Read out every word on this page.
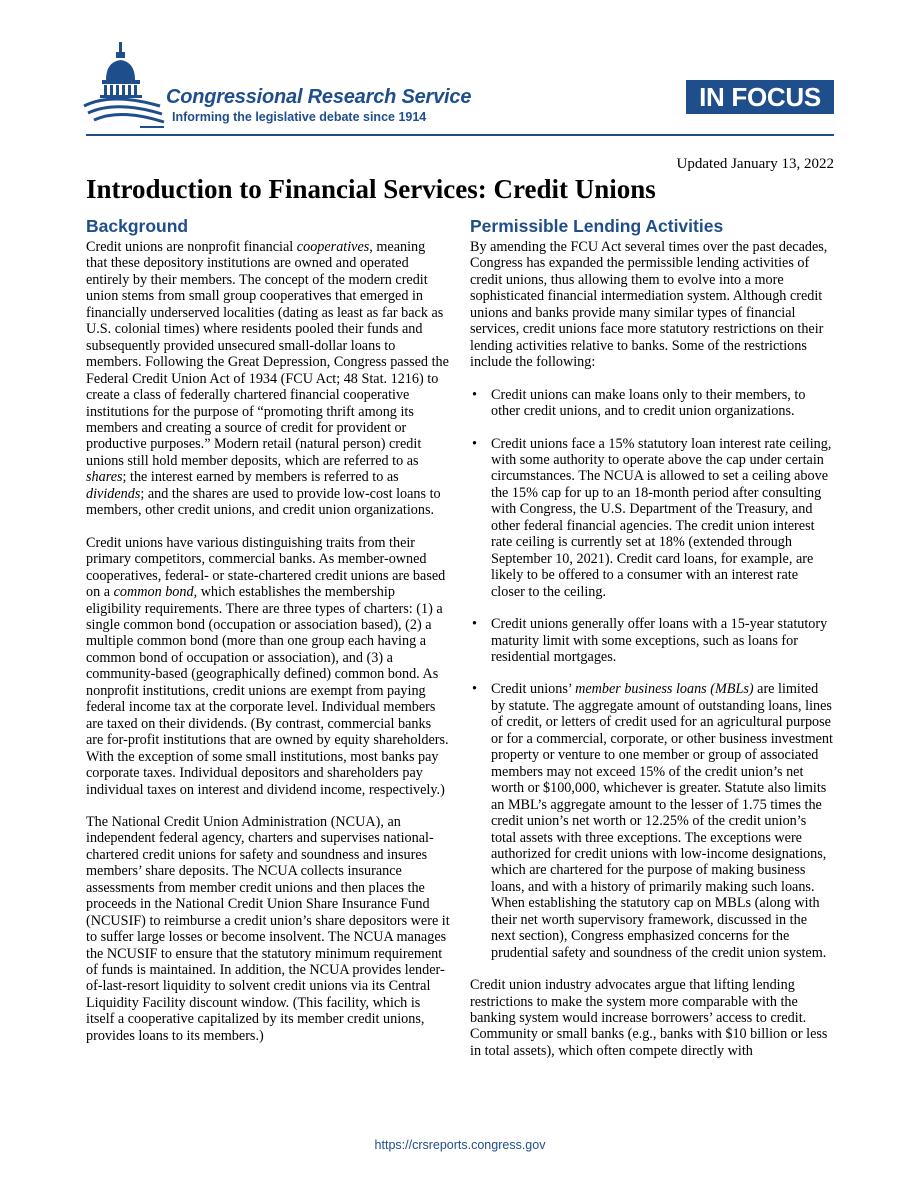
Congressional Research Service
Informing the legislative debate since 1914
IN FOCUS
Updated January 13, 2022
Introduction to Financial Services: Credit Unions
Background

Credit unions are nonprofit financial cooperatives, meaning that these depository institutions are owned and operated entirely by their members. The concept of the modern credit union stems from small group cooperatives that emerged in financially underserved localities (dating as least as far back as U.S. colonial times) where residents pooled their funds and subsequently provided unsecured small-dollar loans to members. Following the Great Depression, Congress passed the Federal Credit Union Act of 1934 (FCU Act; 48 Stat. 1216) to create a class of federally chartered financial cooperative institutions for the purpose of “promoting thrift among its members and creating a source of credit for provident or productive purposes.” Modern retail (natural person) credit unions still hold member deposits, which are referred to as shares; the interest earned by members is referred to as dividends; and the shares are used to provide low-cost loans to members, other credit unions, and credit union organizations.

Credit unions have various distinguishing traits from their primary competitors, commercial banks. As member-owned cooperatives, federal- or state-chartered credit unions are based on a common bond, which establishes the membership eligibility requirements. There are three types of charters: (1) a single common bond (occupation or association based), (2) a multiple common bond (more than one group each having a common bond of occupation or association), and (3) a community-based (geographically defined) common bond. As nonprofit institutions, credit unions are exempt from paying federal income tax at the corporate level. Individual members are taxed on their dividends. (By contrast, commercial banks are for-profit institutions that are owned by equity shareholders. With the exception of some small institutions, most banks pay corporate taxes. Individual depositors and shareholders pay individual taxes on interest and dividend income, respectively.)

The National Credit Union Administration (NCUA), an independent federal agency, charters and supervises national-chartered credit unions for safety and soundness and insures members’ share deposits. The NCUA collects insurance assessments from member credit unions and then places the proceeds in the National Credit Union Share Insurance Fund (NCUSIF) to reimburse a credit union’s share depositors were it to suffer large losses or become insolvent. The NCUA manages the NCUSIF to ensure that the statutory minimum requirement of funds is maintained. In addition, the NCUA provides lender-of-last-resort liquidity to solvent credit unions via its Central Liquidity Facility discount window. (This facility, which is itself a cooperative capitalized by its member credit unions, provides loans to its members.)

Permissible Lending Activities

By amending the FCU Act several times over the past decades, Congress has expanded the permissible lending activities of credit unions, thus allowing them to evolve into a more sophisticated financial intermediation system. Although credit unions and banks provide many similar types of financial services, credit unions face more statutory restrictions on their lending activities relative to banks. Some of the restrictions include the following:

• Credit unions can make loans only to their members, to other credit unions, and to credit union organizations.
• Credit unions face a 15% statutory loan interest rate ceiling, with some authority to operate above the cap under certain circumstances. The NCUA is allowed to set a ceiling above the 15% cap for up to an 18-month period after consulting with Congress, the U.S. Department of the Treasury, and other federal financial agencies. The credit union interest rate ceiling is currently set at 18% (extended through September 10, 2021). Credit card loans, for example, are likely to be offered to a consumer with an interest rate closer to the ceiling.
• Credit unions generally offer loans with a 15-year statutory maturity limit with some exceptions, such as loans for residential mortgages.
• Credit unions’ member business loans (MBLs) are limited by statute. The aggregate amount of outstanding loans, lines of credit, or letters of credit used for an agricultural purpose or for a commercial, corporate, or other business investment property or venture to one member or group of associated members may not exceed 15% of the credit union’s net worth or $100,000, whichever is greater. Statute also limits an MBL’s aggregate amount to the lesser of 1.75 times the credit union’s net worth or 12.25% of the credit union’s total assets with three exceptions. The exceptions were authorized for credit unions with low-income designations, which are chartered for the purpose of making business loans, and with a history of primarily making such loans. When establishing the statutory cap on MBLs (along with their net worth supervisory framework, discussed in the next section), Congress emphasized concerns for the prudential safety and soundness of the credit union system.

Credit union industry advocates argue that lifting lending restrictions to make the system more comparable with the banking system would increase borrowers’ access to credit. Community or small banks (e.g., banks with $10 billion or less in total assets), which often compete directly with

https://crsreports.congress.gov
